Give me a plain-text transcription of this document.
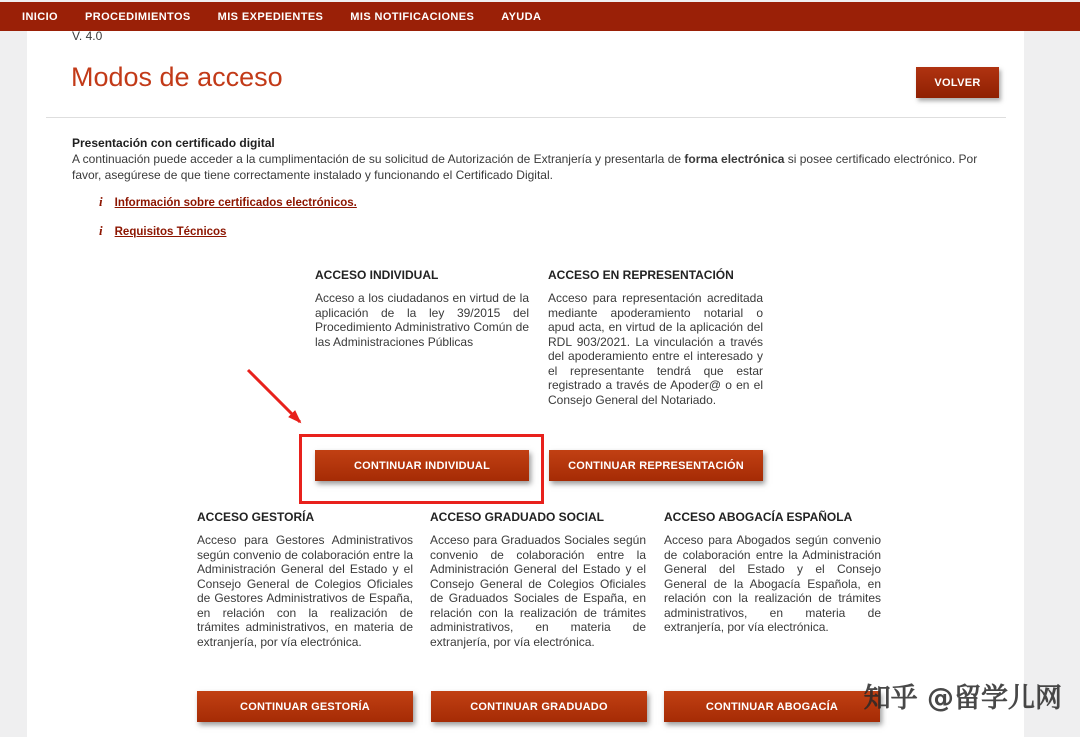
INICIO PROCEDIMIENTOS MIS EXPEDIENTES MIS NOTIFICACIONES AYUDA
V. 4.0
Modos de acceso	VOLVER
Presentación con certificado digital

A continuación puede acceder a la cumplimentación de su solicitud de Autorización de Extranjería y presentarla de forma electrónica si posee certificado electrónico. Por favor, asegúrese de que tiene correctamente instalado y funcionando el Certificado Digital.

i Información sobre certificados electrónicos.
i Requisitos Técnicos
ACCESO INDIVIDUAL

Acceso a los ciudadanos en virtud de la aplicación de la ley 39/2015 del Procedimiento Administrativo Común de las Administraciones Públicas

ACCESO EN REPRESENTACIÓN

Acceso para representación acreditada mediante apoderamiento notarial o apud acta, en virtud de la aplicación del RDL 903/2021. La vinculación a través del apoderamiento entre el interesado y el representante tendrá que estar registrado a través de Apoder@ o en el Consejo General del Notariado.

CONTINUAR INDIVIDUAL	CONTINUAR REPRESENTACIÓN
ACCESO GESTORÍA

Acceso para Gestores Administrativos según convenio de colaboración entre la Administración General del Estado y el Consejo General de Colegios Oficiales de Gestores Administrativos de España, en relación con la realización de trámites administrativos, en materia de extranjería, por vía electrónica.

ACCESO GRADUADO SOCIAL

Acceso para Graduados Sociales según convenio de colaboración entre la Administración General del Estado y el Consejo General de Colegios Oficiales de Graduados Sociales de España, en relación con la realización de trámites administrativos, en materia de extranjería, por vía electrónica.

ACCESO ABOGACÍA ESPAÑOLA

Acceso para Abogados según convenio de colaboración entre la Administración General del Estado y el Consejo General de la Abogacía Española, en relación con la realización de trámites administrativos, en materia de extranjería, por vía electrónica.

CONTINUAR GESTORÍA	CONTINUAR GRADUADO	CONTINUAR ABOGACÍA 知乎 @留学儿网
